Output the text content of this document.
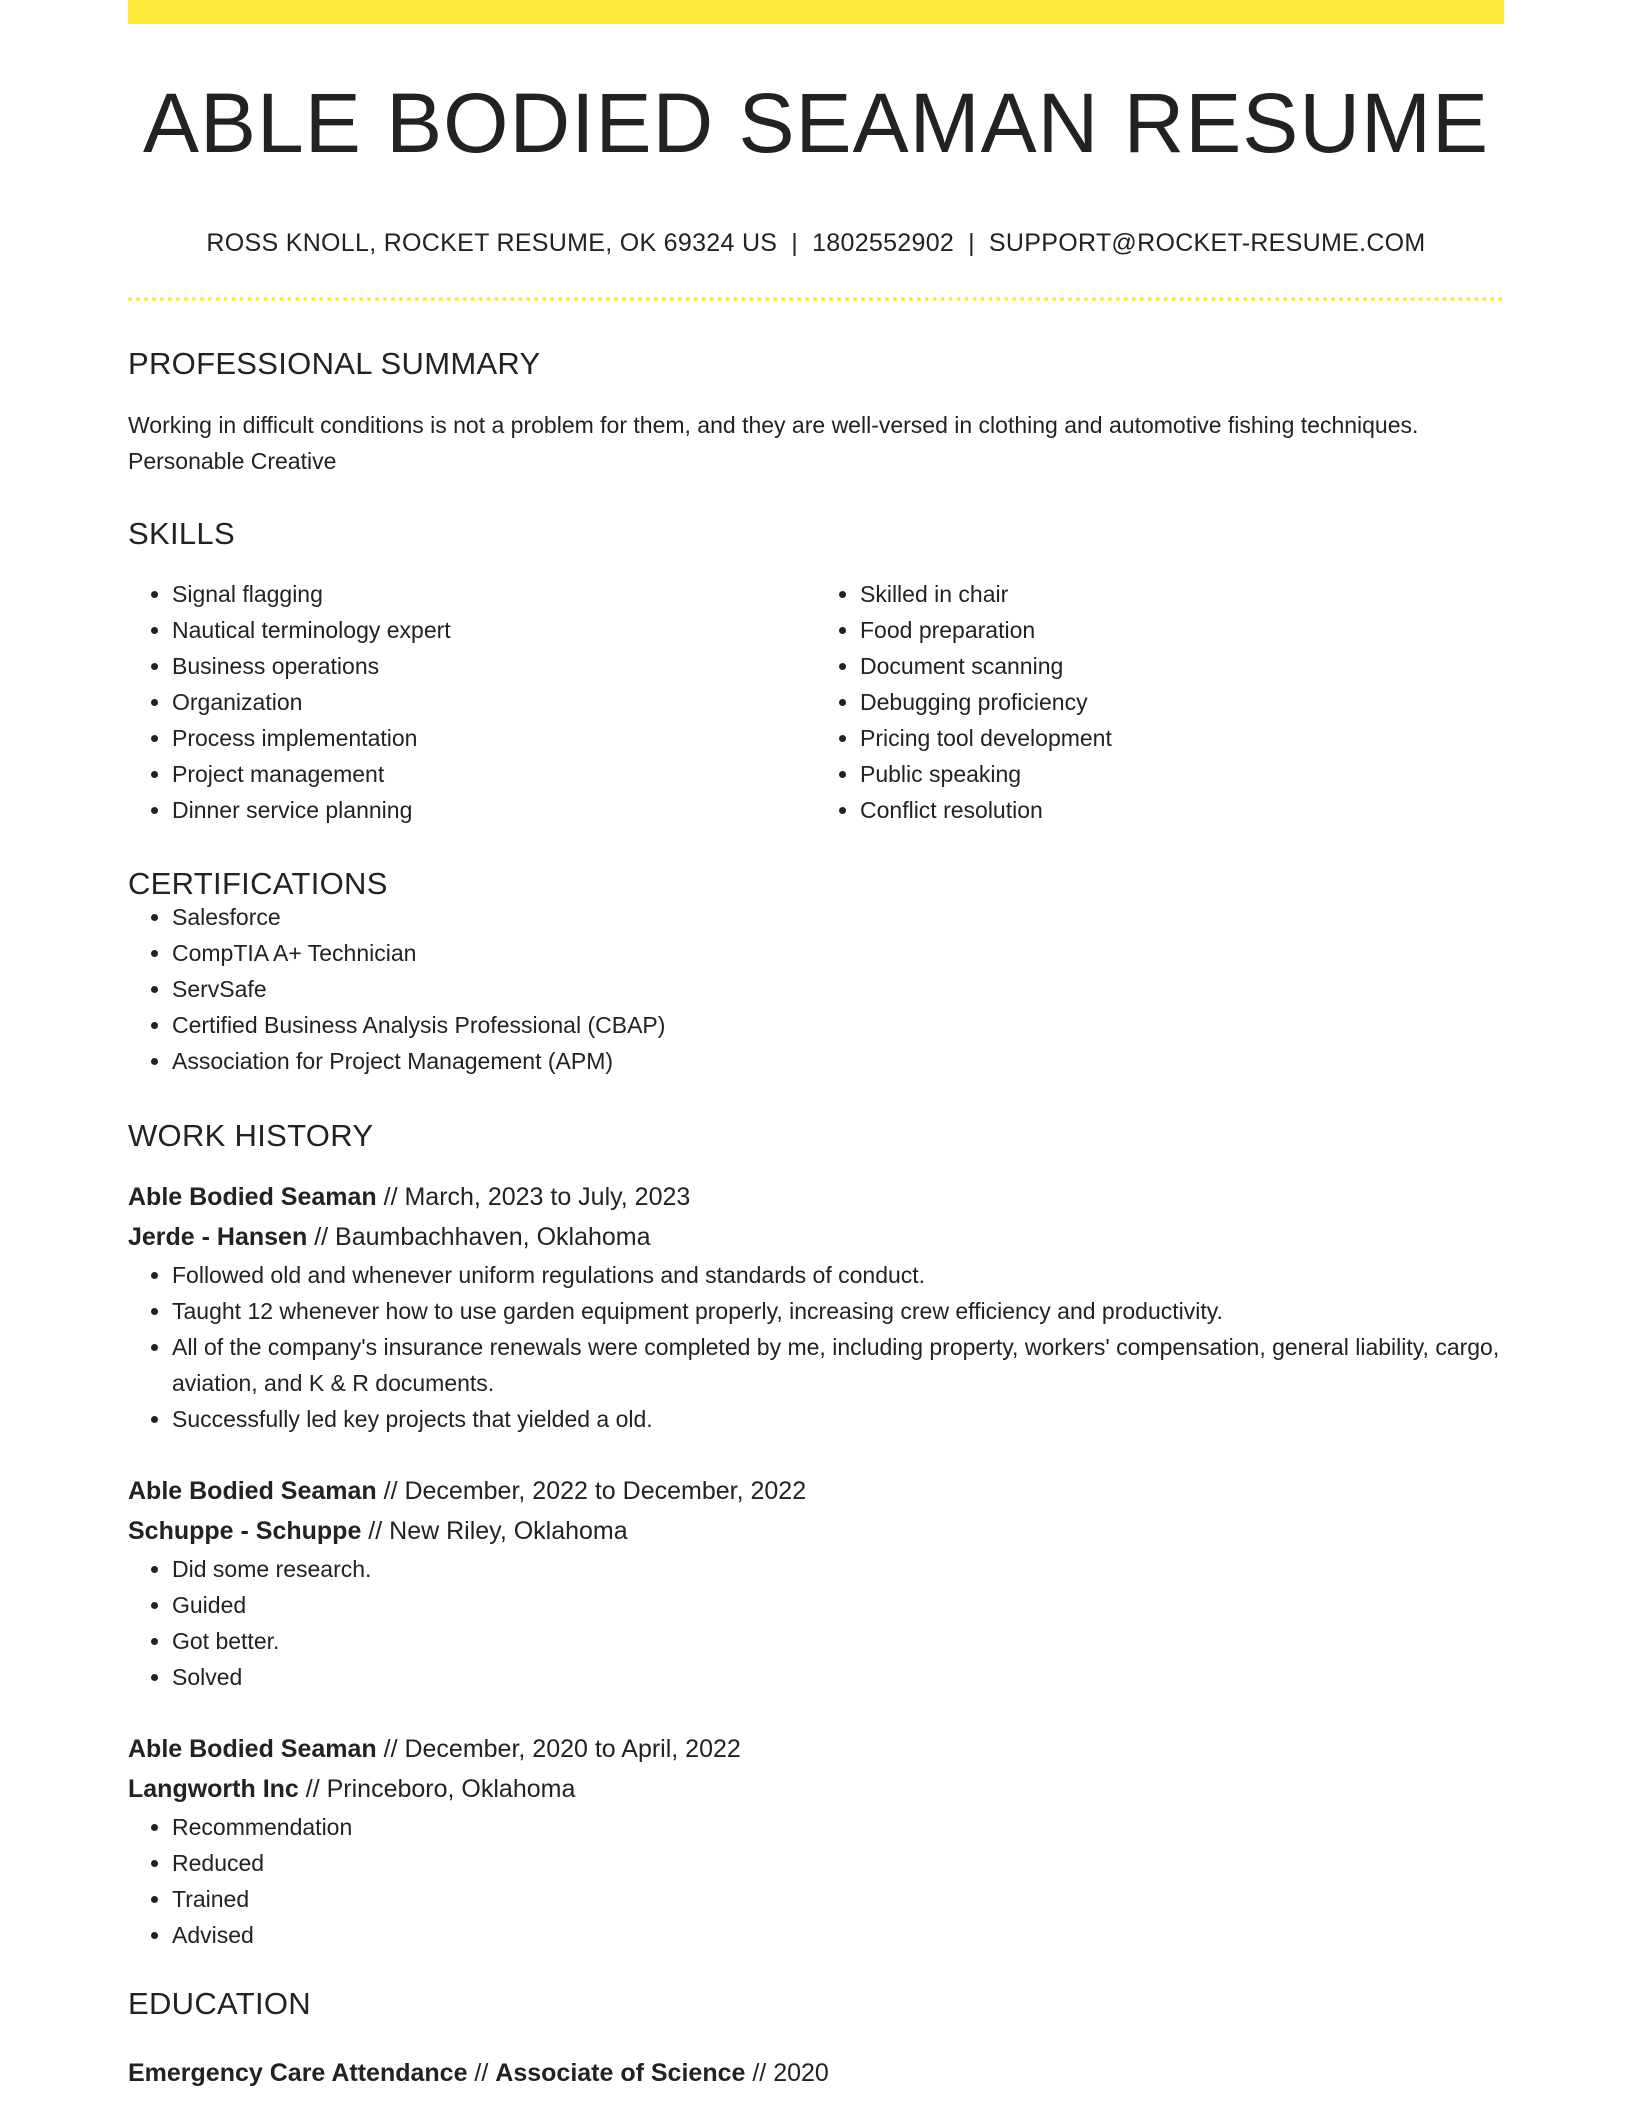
ABLE BODIED SEAMAN RESUME
ROSS KNOLL, ROCKET RESUME, OK 69324 US | 1802552902 | SUPPORT@ROCKET-RESUME.COM
PROFESSIONAL SUMMARY

Working in difficult conditions is not a problem for them, and they are well-versed in clothing and automotive fishing techniques. Personable Creative

SKILLS
• Signal flagging
• Nautical terminology expert
• Business operations
• Organization
• Process implementation
• Project management
• Dinner service planning
• Skilled in chair
• Food preparation
• Document scanning
• Debugging proficiency
• Pricing tool development
• Public speaking
• Conflict resolution
CERTIFICATIONS
• Salesforce
• CompTIA A+ Technician
• ServSafe
• Certified Business Analysis Professional (CBAP)
• Association for Project Management (APM)
WORK HISTORY
Able Bodied Seaman // March, 2023 to July, 2023
Jerde - Hansen // Baumbachhaven, Oklahoma
• Followed old and whenever uniform regulations and standards of conduct.
• Taught 12 whenever how to use garden equipment properly, increasing crew efficiency and productivity.
• All of the company's insurance renewals were completed by me, including property, workers' compensation, general liability, cargo, aviation, and K & R documents.
• Successfully led key projects that yielded a old.
Able Bodied Seaman // December, 2022 to December, 2022
Schuppe - Schuppe // New Riley, Oklahoma
• Did some research.
• Guided
• Got better.
• Solved
Able Bodied Seaman // December, 2020 to April, 2022
Langworth Inc // Princeboro, Oklahoma
• Recommendation
• Reduced
• Trained
• Advised
EDUCATION
Emergency Care Attendance // Associate of Science // 2020
